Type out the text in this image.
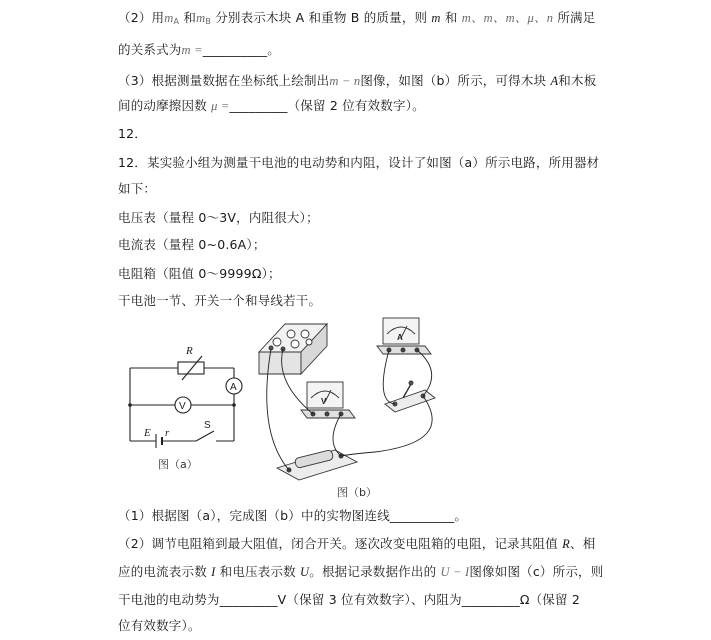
（2）用$m_A$ 和$m_B$ 分别表示木块 A 和重物 B 的质量，则 m 和 m、m、m、μ、n 所满足
的关系式为m =__________。
（3）根据测量数据在坐标纸上绘制出m − n图像，如图（b）所示，可得木块 A和木板
间的动摩擦因数 μ =_________（保留 2 位有效数字）。
12．
12．某实验小组为测量干电池的电动势和内阻，设计了如图（a）所示电路，所用器材
如下：
电压表（量程 0～3V，内阻很大）；
电流表（量程 0~0.6A）；
电阻箱（阻值 0～9999Ω）；
干电池一节、开关一个和导线若干。
R
A
V
E r
S
图（a）
V
A
图（b）
（1）根据图（a），完成图（b）中的实物图连线__________。
（2）调节电阻箱到最大阻值，闭合开关。逐次改变电阻箱的电阻，记录其阻值 R、相
应的电流表示数 I 和电压表示数 U。根据记录数据作出的 U − I图像如图（c）所示，则
干电池的电动势为_________V（保留 3 位有效数字）、内阻为_________Ω（保留 2
位有效数字）。
